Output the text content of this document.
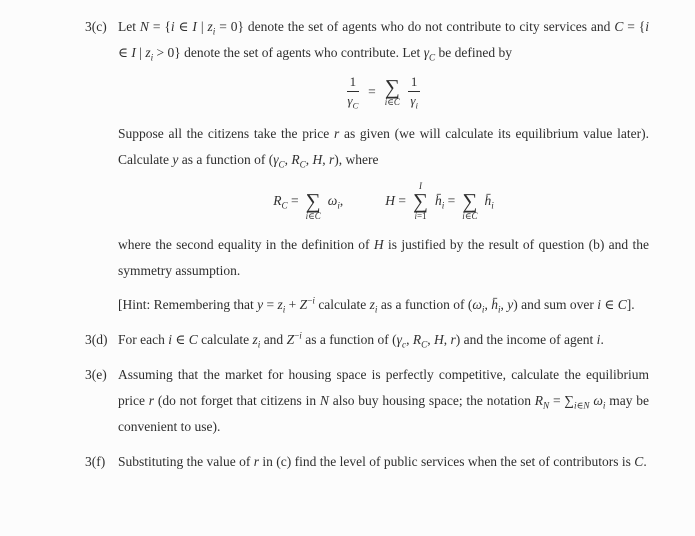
3(c) Let N = {i ∈ I | $z_i = 0$} denote the set of agents who do not contribute to city services and C = {i ∈ I | $z_i > 0$} denote the set of agents who contribute. Let $\gamma_C$ be defined by

$\frac{1}{\gamma_C}$ = ∑
i∈C $\frac{1}{\gamma_i}$

Suppose all the citizens take the price r as given (we will calculate its equilibrium value later). Calculate y as a function of ($\gamma_C$, $R_C$, H, r), where

$R_C$ = ∑
i∈C
$\omega_i$,	H =
I
∑
i=1
$h̄_i$ = ∑
i∈C
$h̄_i$

where the second equality in the definition of H is justified by the result of question (b) and the symmetry assumption.

[Hint: Remembering that $y = z_i + Z^{-i}$ calculate $z_i$ as a function of ($\omega_i$, $h̄_i$, y) and sum over i ∈ C].

3(d) For each i ∈ C calculate $z_i$ and $Z^{-i}$ as a function of ($\gamma_c$, $R_C$, H, r) and the income of agent i.

3(e) Assuming that the market for housing space is perfectly competitive, calculate the equilibrium price r (do not forget that citizens in N also buy housing space; the notation $R_N = \sum_{i\in N}$ $\omega_i$ may be convenient to use).

3(f) Substituting the value of r in (c) find the level of public services when the set of contributors is C.
